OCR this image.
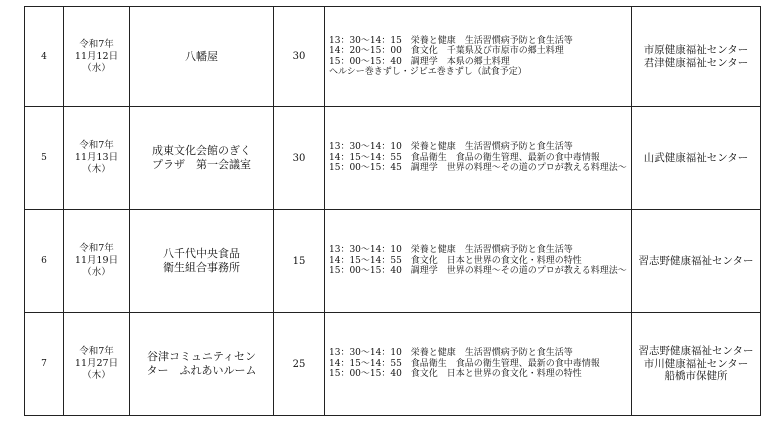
4	令和7年
11月12日
（水）	八幡屋	30	13：30～14：15　栄養と健康　生活習慣病予防と食生活等
14：20～15：00　食文化　千葉県及び市原市の郷土料理
15：00～15：40　調理学　本県の郷土料理
ヘルシー巻きずし・ジビエ巻きずし（試食予定）	市原健康福祉センター
君津健康福祉センター

5	令和7年
11月13日
（木）	成東文化会館のぎく
プラザ　第一会議室	30	13：30～14：10　栄養と健康　生活習慣病予防と食生活等
14：15～14：55　食品衛生　食品の衛生管理、最新の食中毒情報
15：00～15：45　調理学　世界の料理～その道のプロが教える料理法～	山武健康福祉センター

6	令和7年
11月19日
（水）	八千代中央食品
衛生組合事務所	15	13：30～14：10　栄養と健康　生活習慣病予防と食生活等
14：15～14：55　食文化　日本と世界の食文化・料理の特性
15：00～15：40　調理学　世界の料理～その道のプロが教える料理法～	習志野健康福祉センター

7	令和7年
11月27日
（木）	谷津コミュニティセン
ター　ふれあいルーム	25	13：30～14：10　栄養と健康　生活習慣病予防と食生活等
14：15～14：55　食品衛生　食品の衛生管理、最新の食中毒情報
15：00～15：40　食文化　日本と世界の食文化・料理の特性	習志野健康福祉センター
市川健康福祉センター
船橋市保健所
